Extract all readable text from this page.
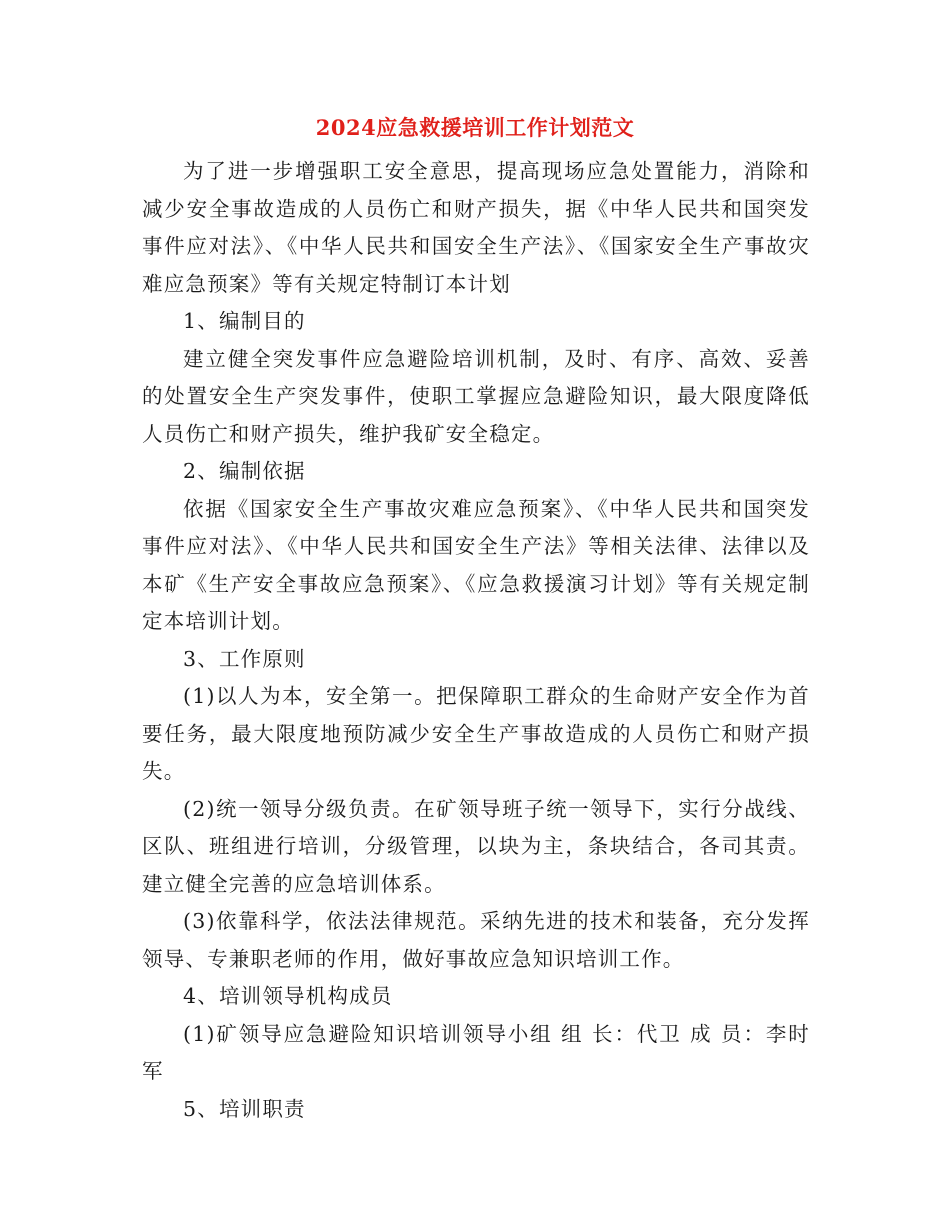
2024应急救援培训工作计划范文

为了进一步增强职工安全意思，提高现场应急处置能力，消除和减少安全事故造成的人员伤亡和财产损失，据《中华人民共和国突发事件应对法》、《中华人民共和国安全生产法》、《国家安全生产事故灾难应急预案》等有关规定特制订本计划

1、编制目的

建立健全突发事件应急避险培训机制，及时、有序、高效、妥善的处置安全生产突发事件，使职工掌握应急避险知识，最大限度降低人员伤亡和财产损失，维护我矿安全稳定。

2、编制依据

依据《国家安全生产事故灾难应急预案》、《中华人民共和国突发事件应对法》、《中华人民共和国安全生产法》等相关法律、法律以及本矿《生产安全事故应急预案》、《应急救援演习计划》等有关规定制定本培训计划。

3、工作原则

(1)以人为本，安全第一。把保障职工群众的生命财产安全作为首要任务，最大限度地预防减少安全生产事故造成的人员伤亡和财产损失。

(2)统一领导分级负责。在矿领导班子统一领导下，实行分战线、区队、班组进行培训，分级管理，以块为主，条块结合，各司其责。建立健全完善的应急培训体系。

(3)依靠科学，依法法律规范。采纳先进的技术和装备，充分发挥领导、专兼职老师的作用，做好事故应急知识培训工作。

4、培训领导机构成员

(1)矿领导应急避险知识培训领导小组 组 长：代卫 成 员：李时军

5、培训职责
